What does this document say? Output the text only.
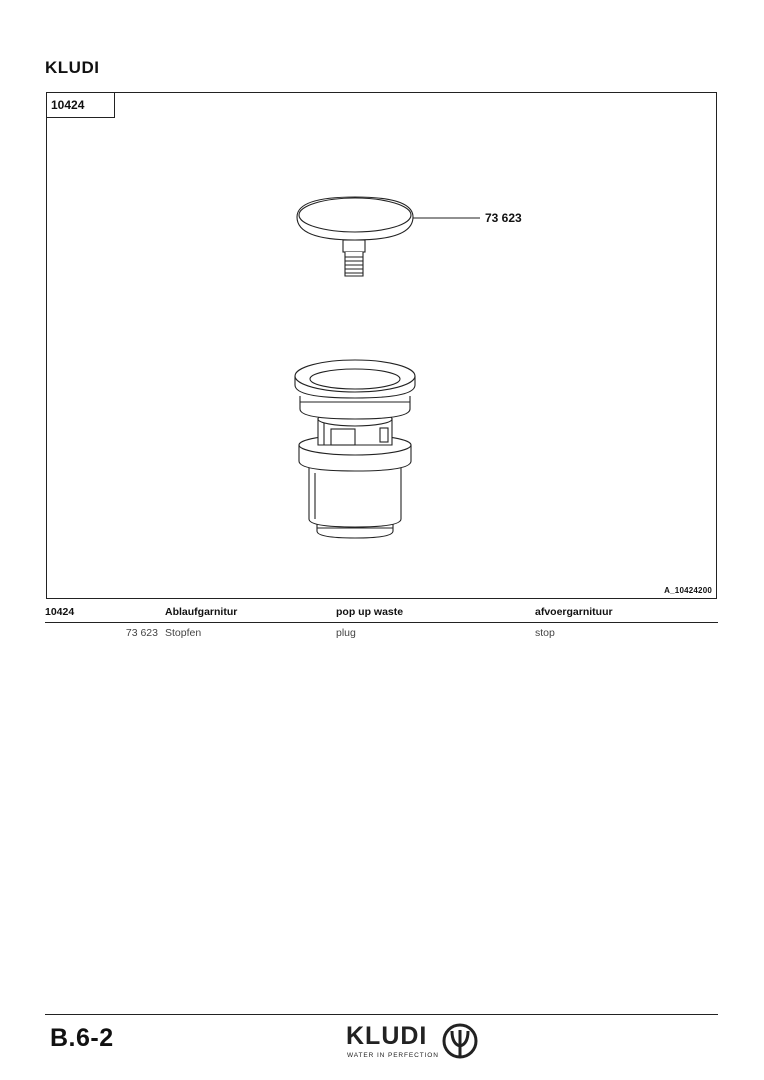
KLUDI
10424
73 623
A_10424200
10424	Ablaufgarnitur	pop up waste	afvoergarnituur
73 623 Stopfen	plug	stop
B.6-2	KLUDI
WATER IN PERFECTION
